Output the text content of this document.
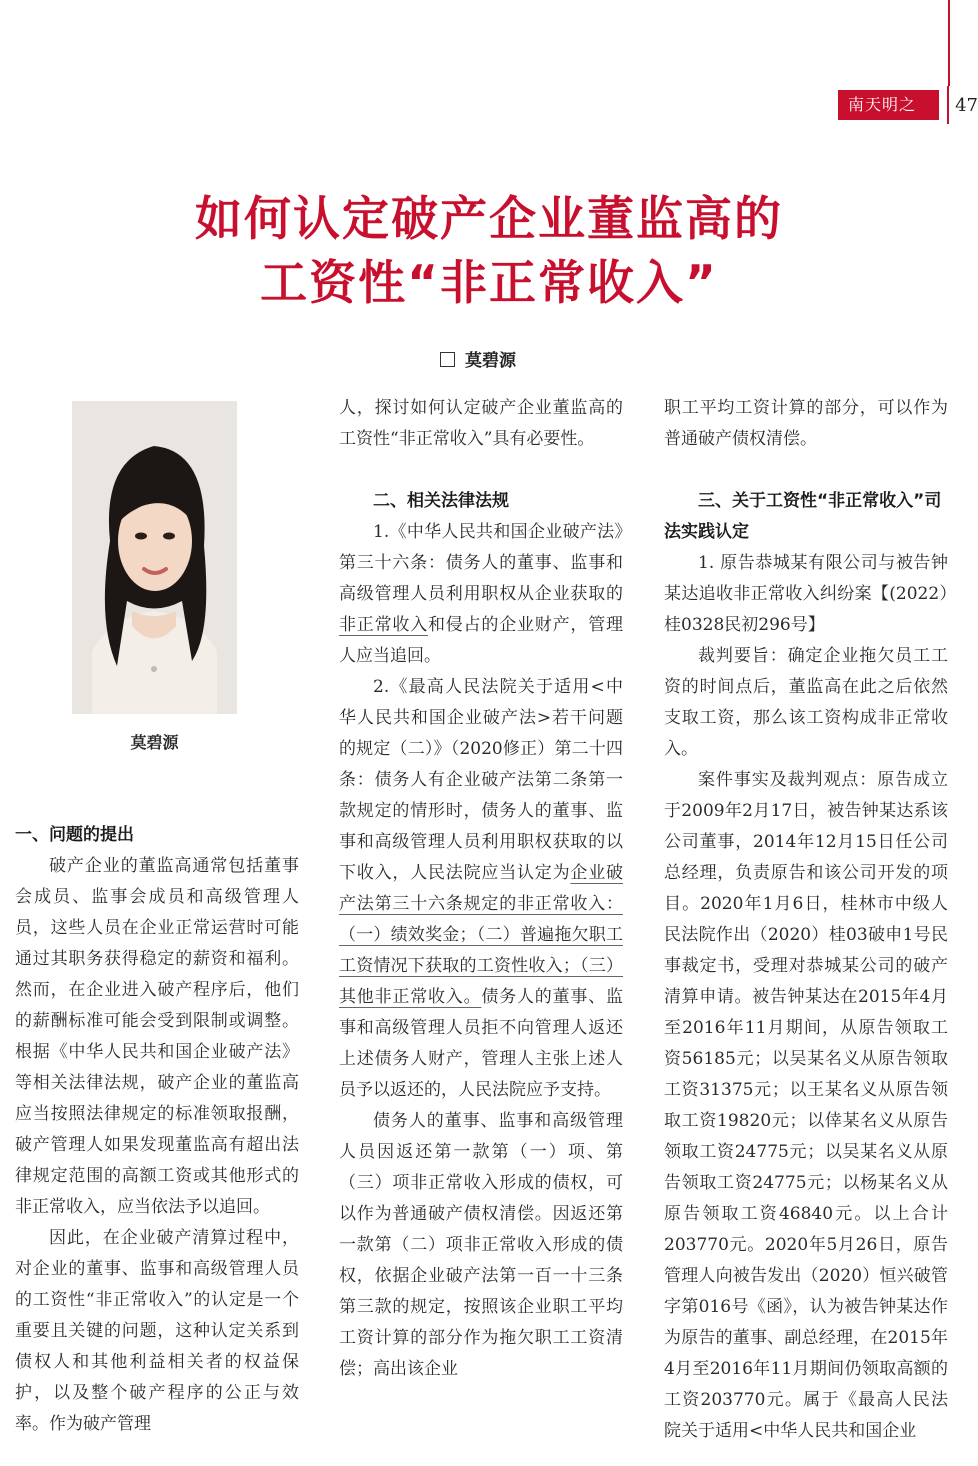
南天明之窗
47
如何认定破产企业董监高的
工资性“非正常收入”
莫碧源
莫碧源
一、问题的提出

破产企业的董监高通常包括董事会成员、监事会成员和高级管理人员，这些人员在企业正常运营时可能通过其职务获得稳定的薪资和福利。然而，在企业进入破产程序后，他们的薪酬标准可能会受到限制或调整。根据《中华人民共和国企业破产法》等相关法律法规，破产企业的董监高应当按照法律规定的标准领取报酬，破产管理人如果发现董监高有超出法律规定范围的高额工资或其他形式的非正常收入，应当依法予以追回。

因此，在企业破产清算过程中，对企业的董事、监事和高级管理人员的工资性“非正常收入”的认定是一个重要且关键的问题，这种认定关系到债权人和其他利益相关者的权益保护，以及整个破产程序的公正与效率。作为破产管理

人，探讨如何认定破产企业董监高的工资性“非正常收入”具有必要性。

二、相关法律法规

1.《中华人民共和国企业破产法》第三十六条：债务人的董事、监事和高级管理人员利用职权从企业获取的非正常收入和侵占的企业财产，管理人应当追回。

2.《最高人民法院关于适用<中华人民共和国企业破产法>若干问题的规定（二）》（2020修正）第二十四条：债务人有企业破产法第二条第一款规定的情形时，债务人的董事、监事和高级管理人员利用职权获取的以下收入，人民法院应当认定为企业破产法第三十六条规定的非正常收入：（一）绩效奖金；（二）普遍拖欠职工工资情况下获取的工资性收入；（三）其他非正常收入。债务人的董事、监事和高级管理人员拒不向管理人返还上述债务人财产，管理人主张上述人员予以返还的，人民法院应予支持。

债务人的董事、监事和高级管理人员因返还第一款第（一）项、第（三）项非正常收入形成的债权，可以作为普通破产债权清偿。因返还第一款第（二）项非正常收入形成的债权，依据企业破产法第一百一十三条第三款的规定，按照该企业职工平均工资计算的部分作为拖欠职工工资清偿；高出该企业

职工平均工资计算的部分，可以作为普通破产债权清偿。

三、关于工资性“非正常收入”司法实践认定

1. 原告恭城某有限公司与被告钟某达追收非正常收入纠纷案【(2022）桂0328民初296号】

裁判要旨：确定企业拖欠员工工资的时间点后，董监高在此之后依然支取工资，那么该工资构成非正常收入。

案件事实及裁判观点：原告成立于2009年2月17日，被告钟某达系该公司董事，2014年12月15日任公司总经理，负责原告和该公司开发的项目。2020年1月6日，桂林市中级人民法院作出（2020）桂03破申1号民事裁定书，受理对恭城某公司的破产清算申请。被告钟某达在2015年4月至2016年11月期间，从原告领取工资56185元；以吴某名义从原告领取工资31375元；以王某名义从原告领取工资19820元；以倖某名义从原告领取工资24775元；以吴某名义从原告领取工资24775元；以杨某名义从原告领取工资46840元。以上合计203770元。2020年5月26日，原告管理人向被告发出（2020）恒兴破管字第016号《函》，认为被告钟某达作为原告的董事、副总经理，在2015年4月至2016年11月期间仍领取高额的工资203770元。属于《最高人民法院关于适用<中华人民共和国企业
